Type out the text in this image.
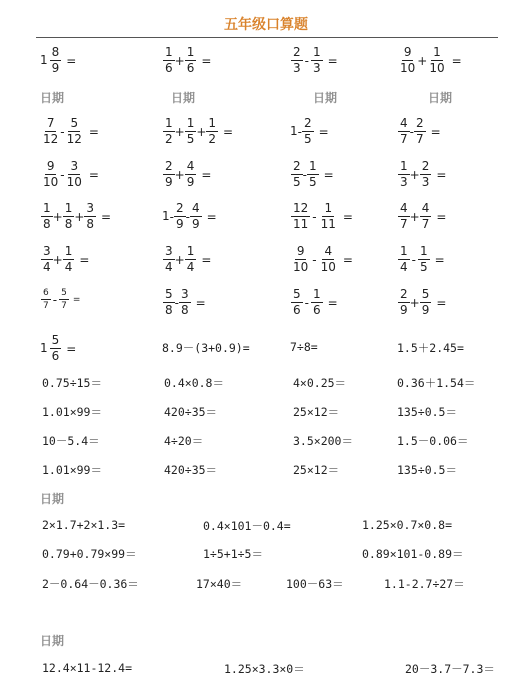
五年级口算题
日期	日期	日期	日期
日期
日期
$1 \frac{8}{9}$ =	$\frac{1}{6} + \frac{1}{6}$ =	$\frac{2}{3} - \frac{1}{3}$ =	$\frac{9}{10} + \frac{1}{10}$ =
$\frac{7}{12} - \frac{5}{12}$ =	$\frac{1}{2} + \frac{1}{5} + \frac{1}{2}$ =	$1- \frac{2}{5}$ =	$\frac{4}{7} - \frac{2}{7}$ =
$\frac{9}{10} - \frac{3}{10}$ =	$\frac{2}{9} + \frac{4}{9}$ =	$\frac{2}{5} - \frac{1}{5}$ =	$\frac{1}{3} + \frac{2}{3}$ =
$\frac{1}{8} + \frac{1}{8} + \frac{3}{8}$ =	$1- \frac{2}{9} - \frac{4}{9}$ =	$\frac{12}{11} - \frac{1}{11}$ =	$\frac{4}{7} + \frac{4}{7}$ =
$\frac{3}{4} + \frac{1}{4}$ =	$\frac{3}{4} + \frac{1}{4}$ =	$\frac{9}{10} - \frac{4}{10}$ =	$\frac{1}{4} - \frac{1}{5}$ =
$\frac{6}{7} - \frac{5}{7}$ =	$\frac{5}{8} - \frac{3}{8}$ =	$\frac{5}{6} - \frac{1}{6}$ =	$\frac{2}{9} + \frac{5}{9}$ =
$1 \frac{5}{6}$ =	8.9－(3+0.9)=	7÷8=	1.5＋2.45=
0.75÷15＝	0.4×0.8＝	4×0.25＝	0.36＋1.54＝
1.01×99＝	420÷35＝	25×12＝	135÷0.5＝
10－5.4＝	4÷20＝	3.5×200＝	1.5－0.06＝
1.01×99＝	420÷35＝	25×12＝	135÷0.5＝
2×1.7+2×1.3=	0.4×101－0.4=	1.25×0.7×0.8=
0.79+0.79×99＝	1÷5+1÷5＝	0.89×101-0.89＝
2－0.64－0.36＝	17×40＝	100－63＝	1.1-2.7÷27＝
12.4×11-12.4=	1.25×3.3×0＝	20－3.7－7.3＝
